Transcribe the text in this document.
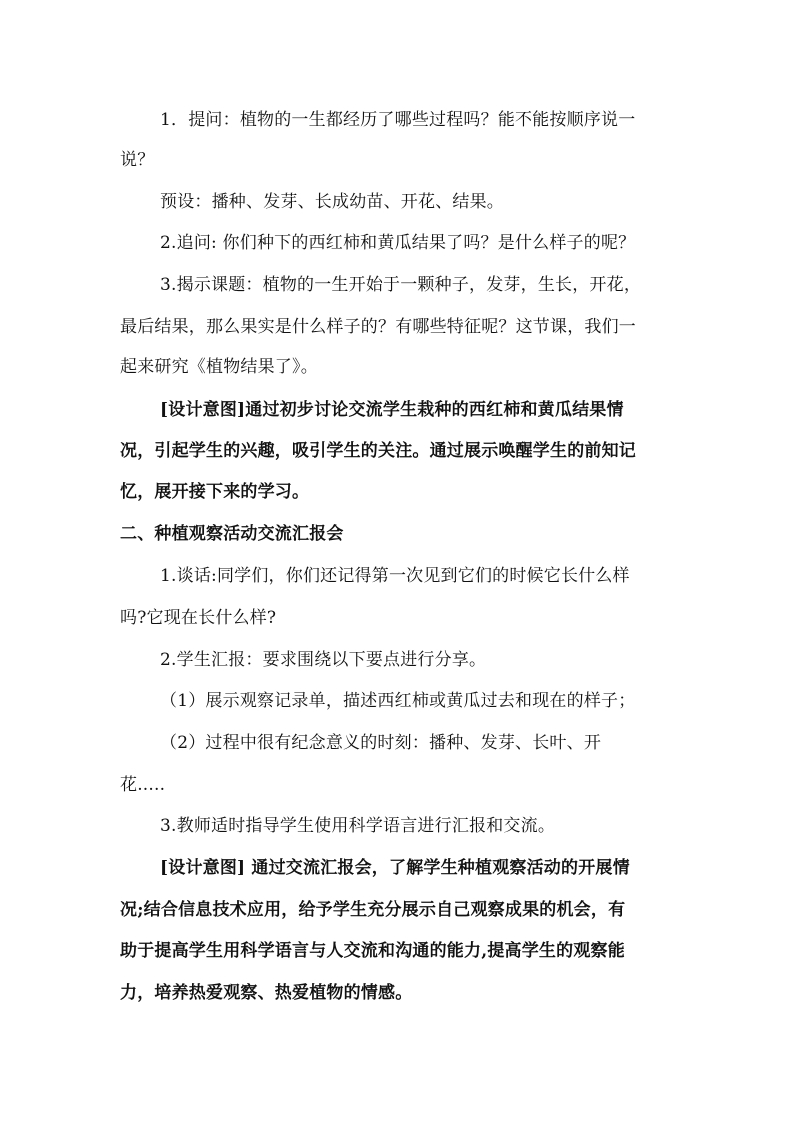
1．提问：植物的一生都经历了哪些过程吗？能不能按顺序说一
说？
预设：播种、发芽、长成幼苗、开花、结果。
2.追问: 你们种下的西红柿和黄瓜结果了吗？是什么样子的呢？
3.揭示课题：植物的一生开始于一颗种子，发芽，生长，开花，
最后结果，那么果实是什么样子的？有哪些特征呢？这节课，我们一
起来研究《植物结果了》。
[设计意图]通过初步讨论交流学生栽种的西红柿和黄瓜结果情
况，引起学生的兴趣，吸引学生的关注。通过展示唤醒学生的前知记
忆，展开接下来的学习。
二、种植观察活动交流汇报会
1.谈话:同学们，你们还记得第一次见到它们的时候它长什么样
吗?它现在长什么样?
2.学生汇报：要求围绕以下要点进行分享。
（1）展示观察记录单，描述西红柿或黄瓜过去和现在的样子；
（2）过程中很有纪念意义的时刻：播种、发芽、长叶、开
花.....
3.教师适时指导学生使用科学语言进行汇报和交流。
[设计意图] 通过交流汇报会，了解学生种植观察活动的开展情
况;结合信息技术应用，给予学生充分展示自己观察成果的机会，有
助于提高学生用科学语言与人交流和沟通的能力,提高学生的观察能
力，培养热爱观察、热爱植物的情感。
